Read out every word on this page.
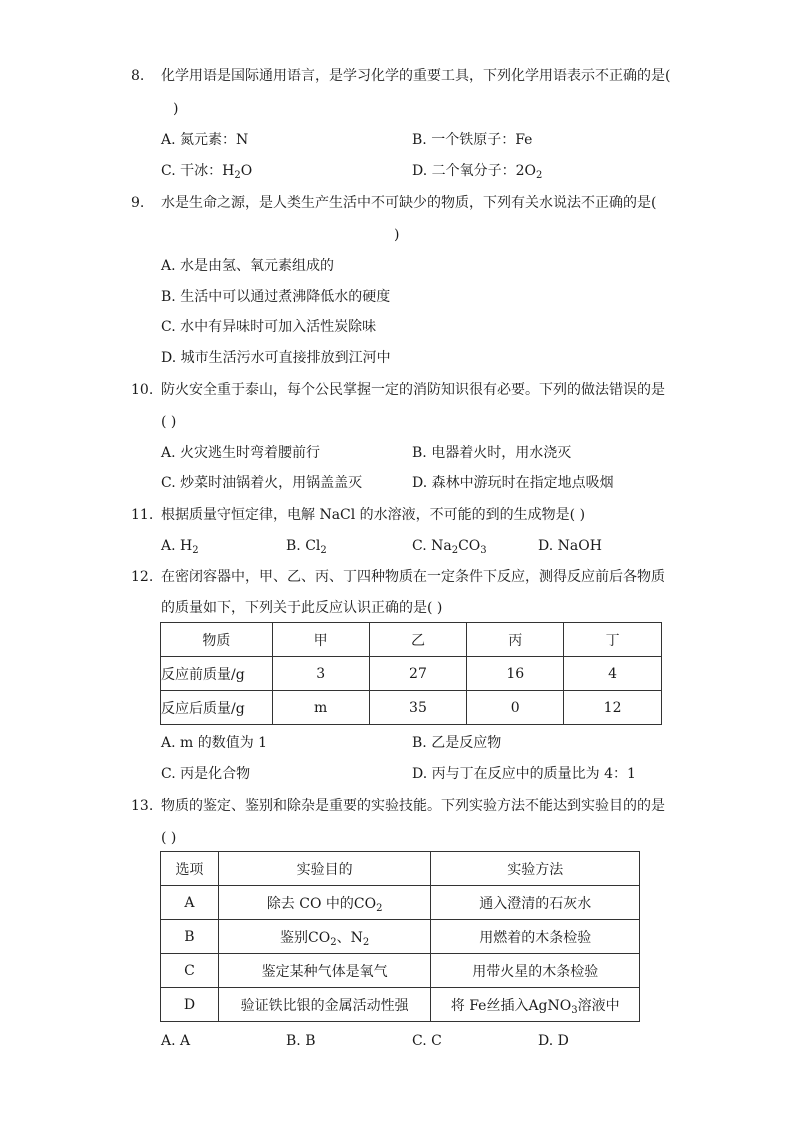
8. 化学用语是国际通用语言，是学习化学的重要工具，下列化学用语表示不正确的是(
)
A. 氮元素：N	B. 一个铁原子：Fe
C. 干冰：$H_2O$	D. 二个氧分子：$2O_2$
9. 水是生命之源，是人类生产生活中不可缺少的物质，下列有关水说法不正确的是(
)
A. 水是由氢、氧元素组成的
B. 生活中可以通过煮沸降低水的硬度
C. 水中有异味时可加入活性炭除味
D. 城市生活污水可直接排放到江河中
10. 防火安全重于泰山，每个公民掌握一定的消防知识很有必要。下列的做法错误的是
( )
A. 火灾逃生时弯着腰前行	B. 电器着火时，用水浇灭
C. 炒菜时油锅着火，用锅盖盖灭	D. 森林中游玩时在指定地点吸烟
11. 根据质量守恒定律，电解 NaCl 的水溶液，不可能的到的生成物是( )
A. $H_2$	B. $Cl_2$	C. $Na_2CO_3$	D. NaOH
12. 在密闭容器中，甲、乙、丙、丁四种物质在一定条件下反应，测得反应前后各物质
的质量如下，下列关于此反应认识正确的是( )
物质	甲	乙	丙	丁
反应前质量/g	3	27	16	4
反应后质量/g	m	35	0	12
A. m 的数值为 1	B. 乙是反应物
C. 丙是化合物	D. 丙与丁在反应中的质量比为 4：1
13. 物质的鉴定、鉴别和除杂是重要的实验技能。下列实验方法不能达到实验目的的是
( )
选项	实验目的	实验方法
A	除去 CO 中的$CO_2$	通入澄清的石灰水
B	鉴别$CO_2$、$N_2$	用燃着的木条检验
C	鉴定某种气体是氧气	用带火星的木条检验
D	验证铁比银的金属活动性强	将 Fe丝插入AgNO$_3$溶液中
A. A	B. B	C. C	D. D
